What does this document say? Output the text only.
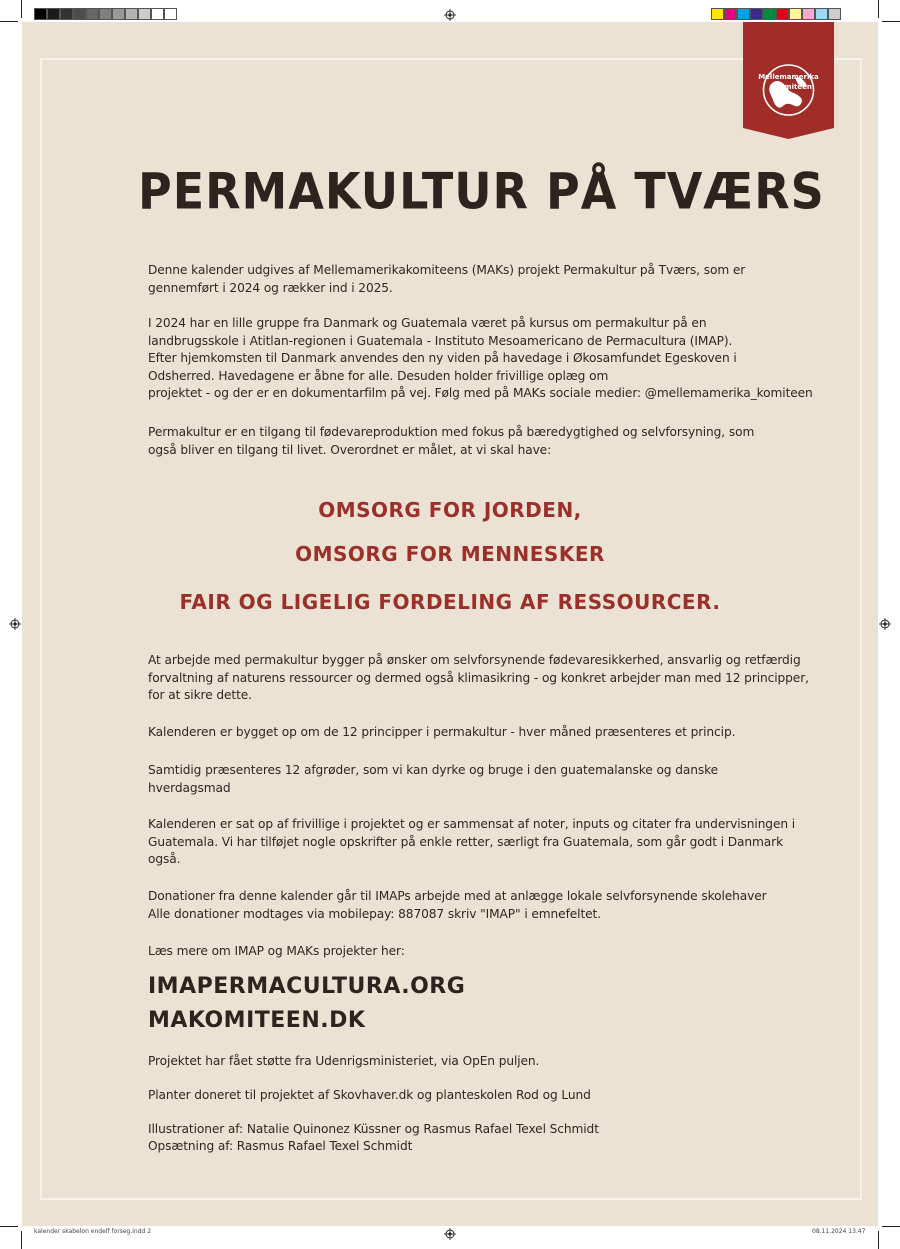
Mellemamerika
Komiteen
PERMAKULTUR PÅ TVÆRS
Denne kalender udgives af Mellemamerikakomiteens (MAKs) projekt Permakultur på Tværs, som er
gennemført i 2024 og rækker ind i 2025.
I 2024 har en lille gruppe fra Danmark og Guatemala været på kursus om permakultur på en
landbrugsskole i Atitlan-regionen i Guatemala - Instituto Mesoamericano de Permacultura (IMAP).
Efter hjemkomsten til Danmark anvendes den ny viden på havedage i Økosamfundet Egeskoven i
Odsherred. Havedagene er åbne for alle. Desuden holder frivillige oplæg om
projektet - og der er en dokumentarfilm på vej. Følg med på MAKs sociale medier: @mellemamerika_komiteen
Permakultur er en tilgang til fødevareproduktion med fokus på bæredygtighed og selvforsyning, som
også bliver en tilgang til livet. Overordnet er målet, at vi skal have:
OMSORG FOR JORDEN,
OMSORG FOR MENNESKER
FAIR OG LIGELIG FORDELING AF RESSOURCER.
At arbejde med permakultur bygger på ønsker om selvforsynende fødevaresikkerhed, ansvarlig og retfærdig
forvaltning af naturens ressourcer og dermed også klimasikring - og konkret arbejder man med 12 principper,
for at sikre dette.
Kalenderen er bygget op om de 12 principper i permakultur - hver måned præsenteres et princip.
Samtidig præsenteres 12 afgrøder, som vi kan dyrke og bruge i den guatemalanske og danske
hverdagsmad
Kalenderen er sat op af frivillige i projektet og er sammensat af noter, inputs og citater fra undervisningen i
Guatemala. Vi har tilføjet nogle opskrifter på enkle retter, særligt fra Guatemala, som går godt i Danmark
også.
Donationer fra denne kalender går til IMAPs arbejde med at anlægge lokale selvforsynende skolehaver
Alle donationer modtages via mobilepay: 887087 skriv "IMAP" i emnefeltet.
Læs mere om IMAP og MAKs projekter her:
IMAPERMACULTURA.ORG
MAKOMITEEN.DK
Projektet har fået støtte fra Udenrigsministeriet, via OpEn puljen.
Planter doneret til projektet af Skovhaver.dk og planteskolen Rod og Lund
Illustrationer af: Natalie Quinonez Küssner og Rasmus Rafael Texel Schmidt
Opsætning af: Rasmus Rafael Texel Schmidt
kalender skabelon endelf forseg.indd 2	08.11.2024 13.47
